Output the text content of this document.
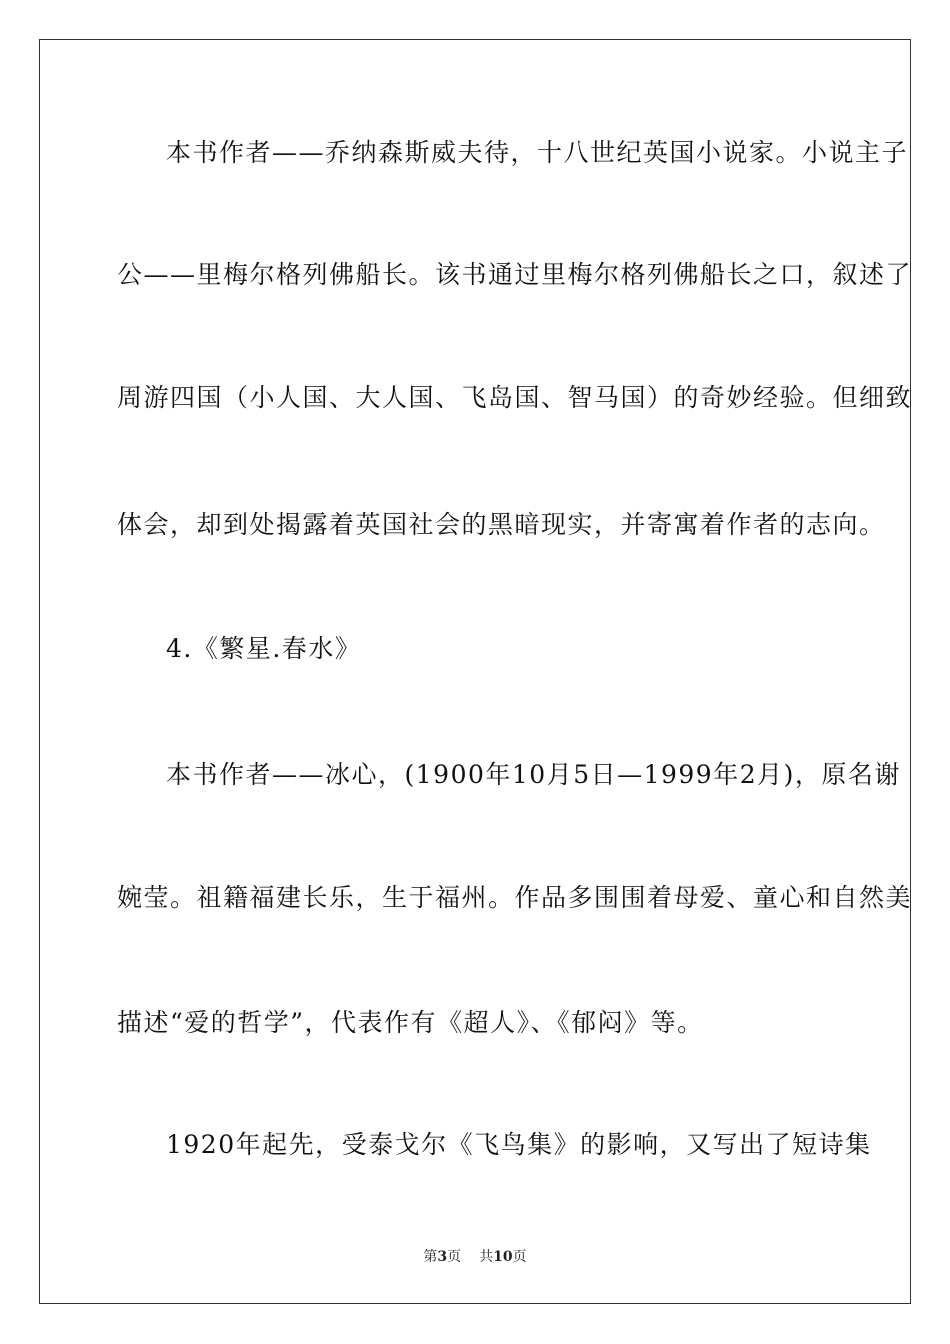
本书作者——乔纳森斯威夫待，十八世纪英国小说家。小说主子
公——里梅尔格列佛船长。该书通过里梅尔格列佛船长之口，叙述了
周游四国（小人国、大人国、飞岛国、智马国）的奇妙经验。但细致
体会，却到处揭露着英国社会的黑暗现实，并寄寓着作者的志向。
4.《繁星.春水》
本书作者——冰心，(1900年10月5日—1999年2月)，原名谢
婉莹。祖籍福建长乐，生于福州。作品多围围着母爱、童心和自然美
描述“爱的哲学”，代表作有《超人》、《郁闷》等。
1920年起先，受泰戈尔《飞鸟集》的影响，又写出了短诗集
第3页 共10页
